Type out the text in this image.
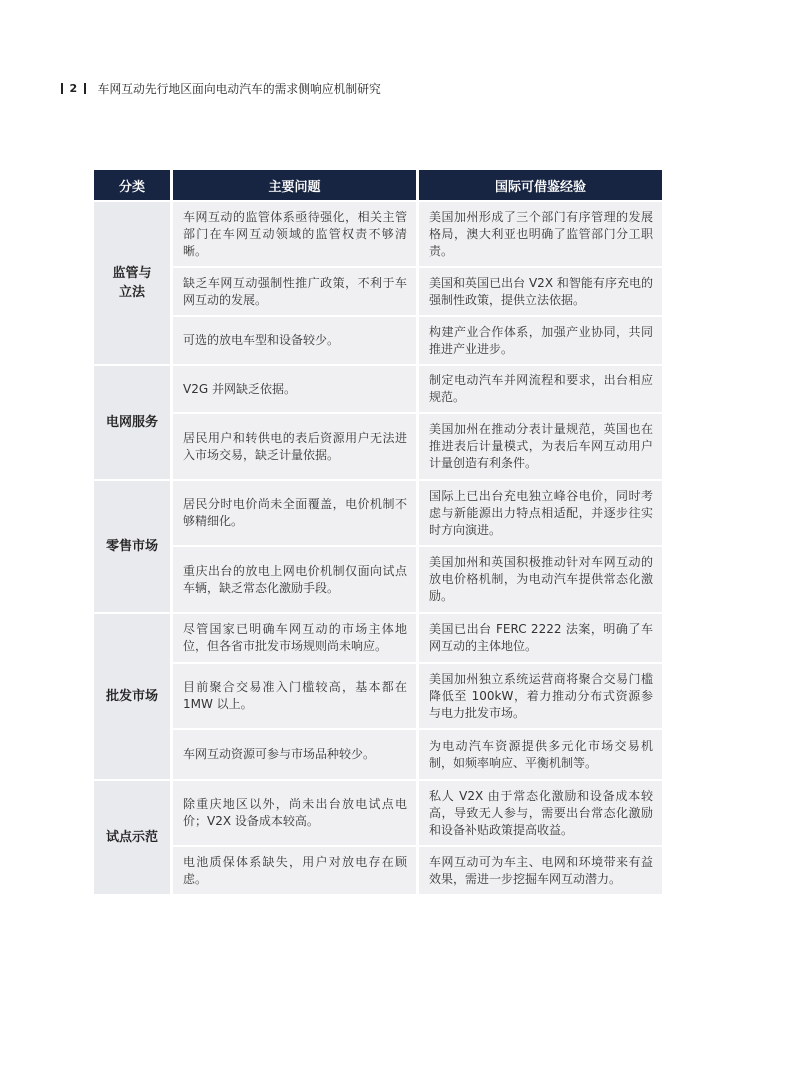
2 车网互动先行地区面向电动汽车的需求侧响应机制研究
分类	主要问题	国际可借鉴经验
监管与
立法	车网互动的监管体系亟待强化，相关主管部门在车网互动领域的监管权责不够清晰。	美国加州形成了三个部门有序管理的发展格局，澳大利亚也明确了监管部门分工职责。
	缺乏车网互动强制性推广政策，不利于车网互动的发展。	美国和英国已出台 V2X 和智能有序充电的强制性政策，提供立法依据。
	可选的放电车型和设备较少。	构建产业合作体系，加强产业协同，共同推进产业进步。
电网服务	V2G 并网缺乏依据。	制定电动汽车并网流程和要求，出台相应规范。
	居民用户和转供电的表后资源用户无法进入市场交易，缺乏计量依据。	美国加州在推动分表计量规范，英国也在推进表后计量模式，为表后车网互动用户计量创造有利条件。
零售市场	居民分时电价尚未全面覆盖，电价机制不够精细化。	国际上已出台充电独立峰谷电价，同时考虑与新能源出力特点相适配，并逐步往实时方向演进。
	重庆出台的放电上网电价机制仅面向试点车辆，缺乏常态化激励手段。	美国加州和英国积极推动针对车网互动的放电价格机制，为电动汽车提供常态化激励。
批发市场	尽管国家已明确车网互动的市场主体地位，但各省市批发市场规则尚未响应。	美国已出台 FERC 2222 法案，明确了车网互动的主体地位。
	目前聚合交易准入门槛较高，基本都在 1MW 以上。	美国加州独立系统运营商将聚合交易门槛降低至 100kW，着力推动分布式资源参与电力批发市场。
	车网互动资源可参与市场品种较少。	为电动汽车资源提供多元化市场交易机制，如频率响应、平衡机制等。
试点示范	除重庆地区以外，尚未出台放电试点电价；V2X 设备成本较高。	私人 V2X 由于常态化激励和设备成本较高，导致无人参与，需要出台常态化激励和设备补贴政策提高收益。
	电池质保体系缺失，用户对放电存在顾虑。	车网互动可为车主、电网和环境带来有益效果，需进一步挖掘车网互动潜力。
